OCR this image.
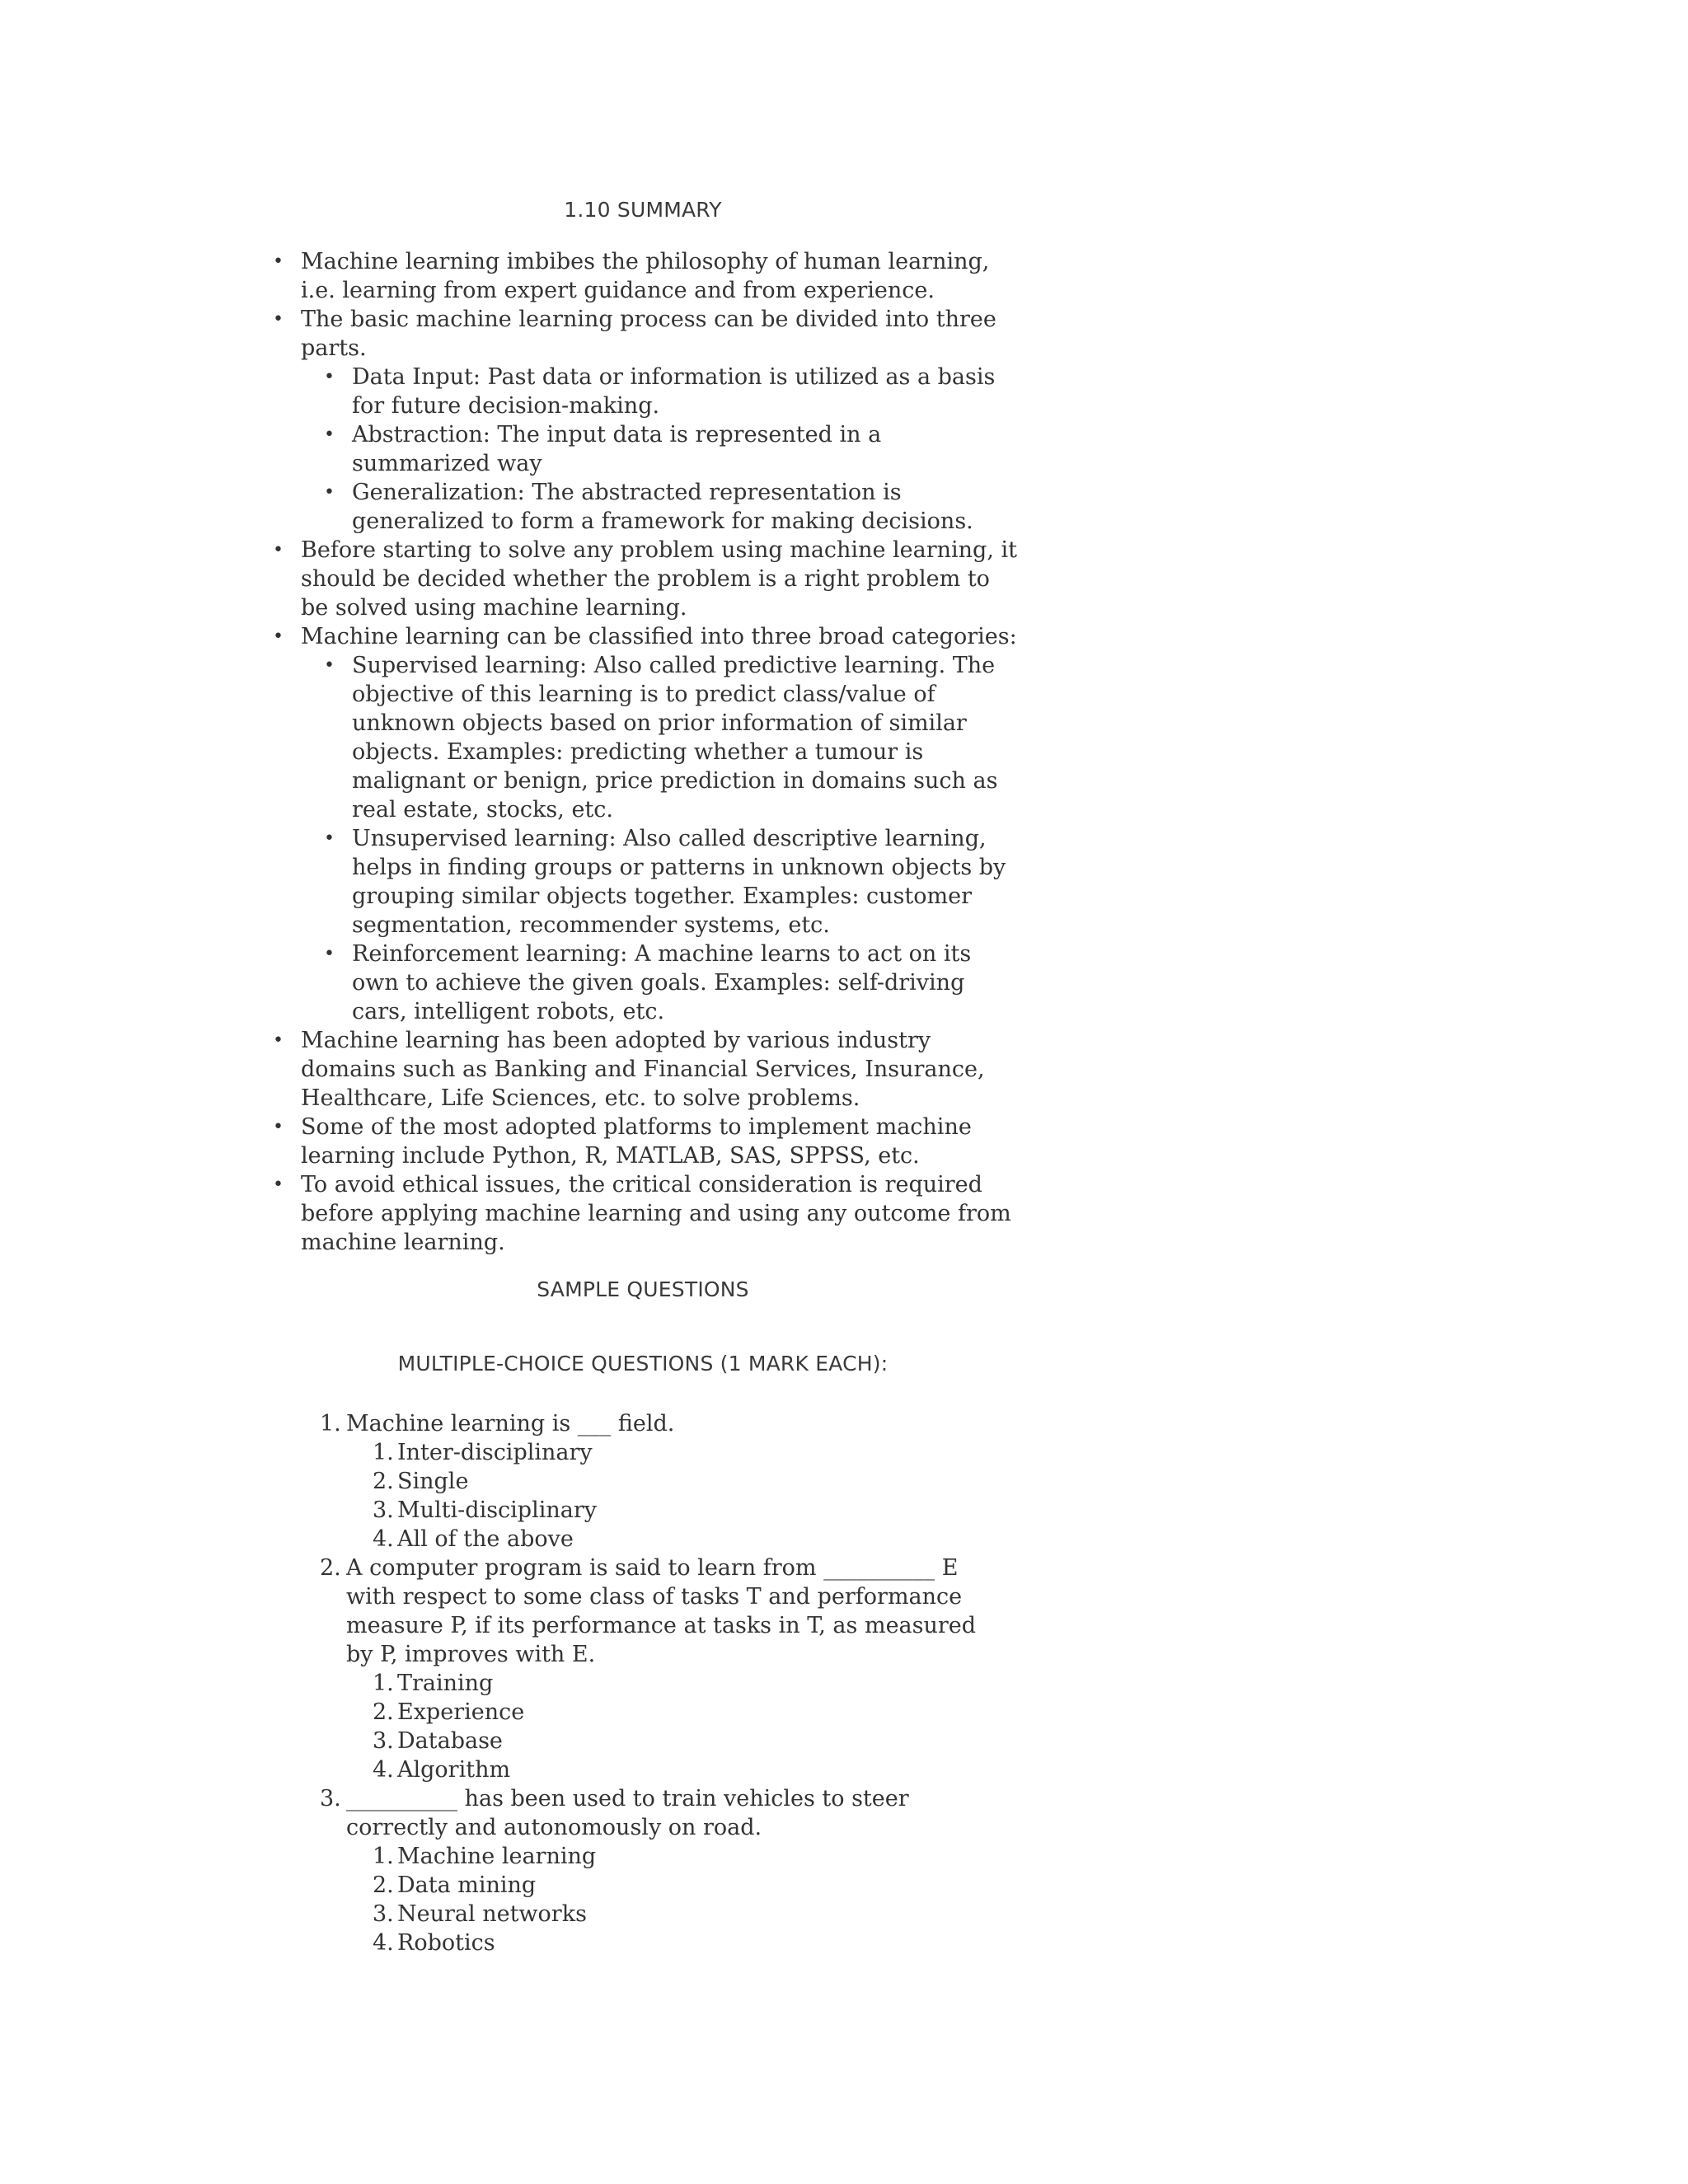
1.10 SUMMARY
• Machine learning imbibes the philosophy of human learning, i.e. learning from expert guidance and from experience.
• The basic machine learning process can be divided into three parts.
• Data Input: Past data or information is utilized as a basis for future decision-making.
• Abstraction: The input data is represented in a summarized way
• Generalization: The abstracted representation is generalized to form a framework for making decisions.
• Before starting to solve any problem using machine learning, it should be decided whether the problem is a right problem to be solved using machine learning.
• Machine learning can be classified into three broad categories:
• Supervised learning: Also called predictive learning. The objective of this learning is to predict class/value of unknown objects based on prior information of similar objects. Examples: predicting whether a tumour is malignant or benign, price prediction in domains such as real estate, stocks, etc.
• Unsupervised learning: Also called descriptive learning, helps in finding groups or patterns in unknown objects by grouping similar objects together. Examples: customer segmentation, recommender systems, etc.
• Reinforcement learning: A machine learns to act on its own to achieve the given goals. Examples: self-driving cars, intelligent robots, etc.
• Machine learning has been adopted by various industry domains such as Banking and Financial Services, Insurance, Healthcare, Life Sciences, etc. to solve problems.
• Some of the most adopted platforms to implement machine learning include Python, R, MATLAB, SAS, SPPSS, etc.
• To avoid ethical issues, the critical consideration is required before applying machine learning and using any outcome from machine learning.
SAMPLE QUESTIONS
MULTIPLE-CHOICE QUESTIONS (1 MARK EACH):
1. Machine learning is ___ field.
1. Inter-disciplinary
2. Single
3. Multi-disciplinary
4. All of the above
2. A computer program is said to learn from __________ E with respect to some class of tasks T and performance measure P, if its performance at tasks in T, as measured by P, improves with E.
1. Training
2. Experience
3. Database
4. Algorithm
3. __________ has been used to train vehicles to steer correctly and autonomously on road.
1. Machine learning
2. Data mining
3. Neural networks
4. Robotics
